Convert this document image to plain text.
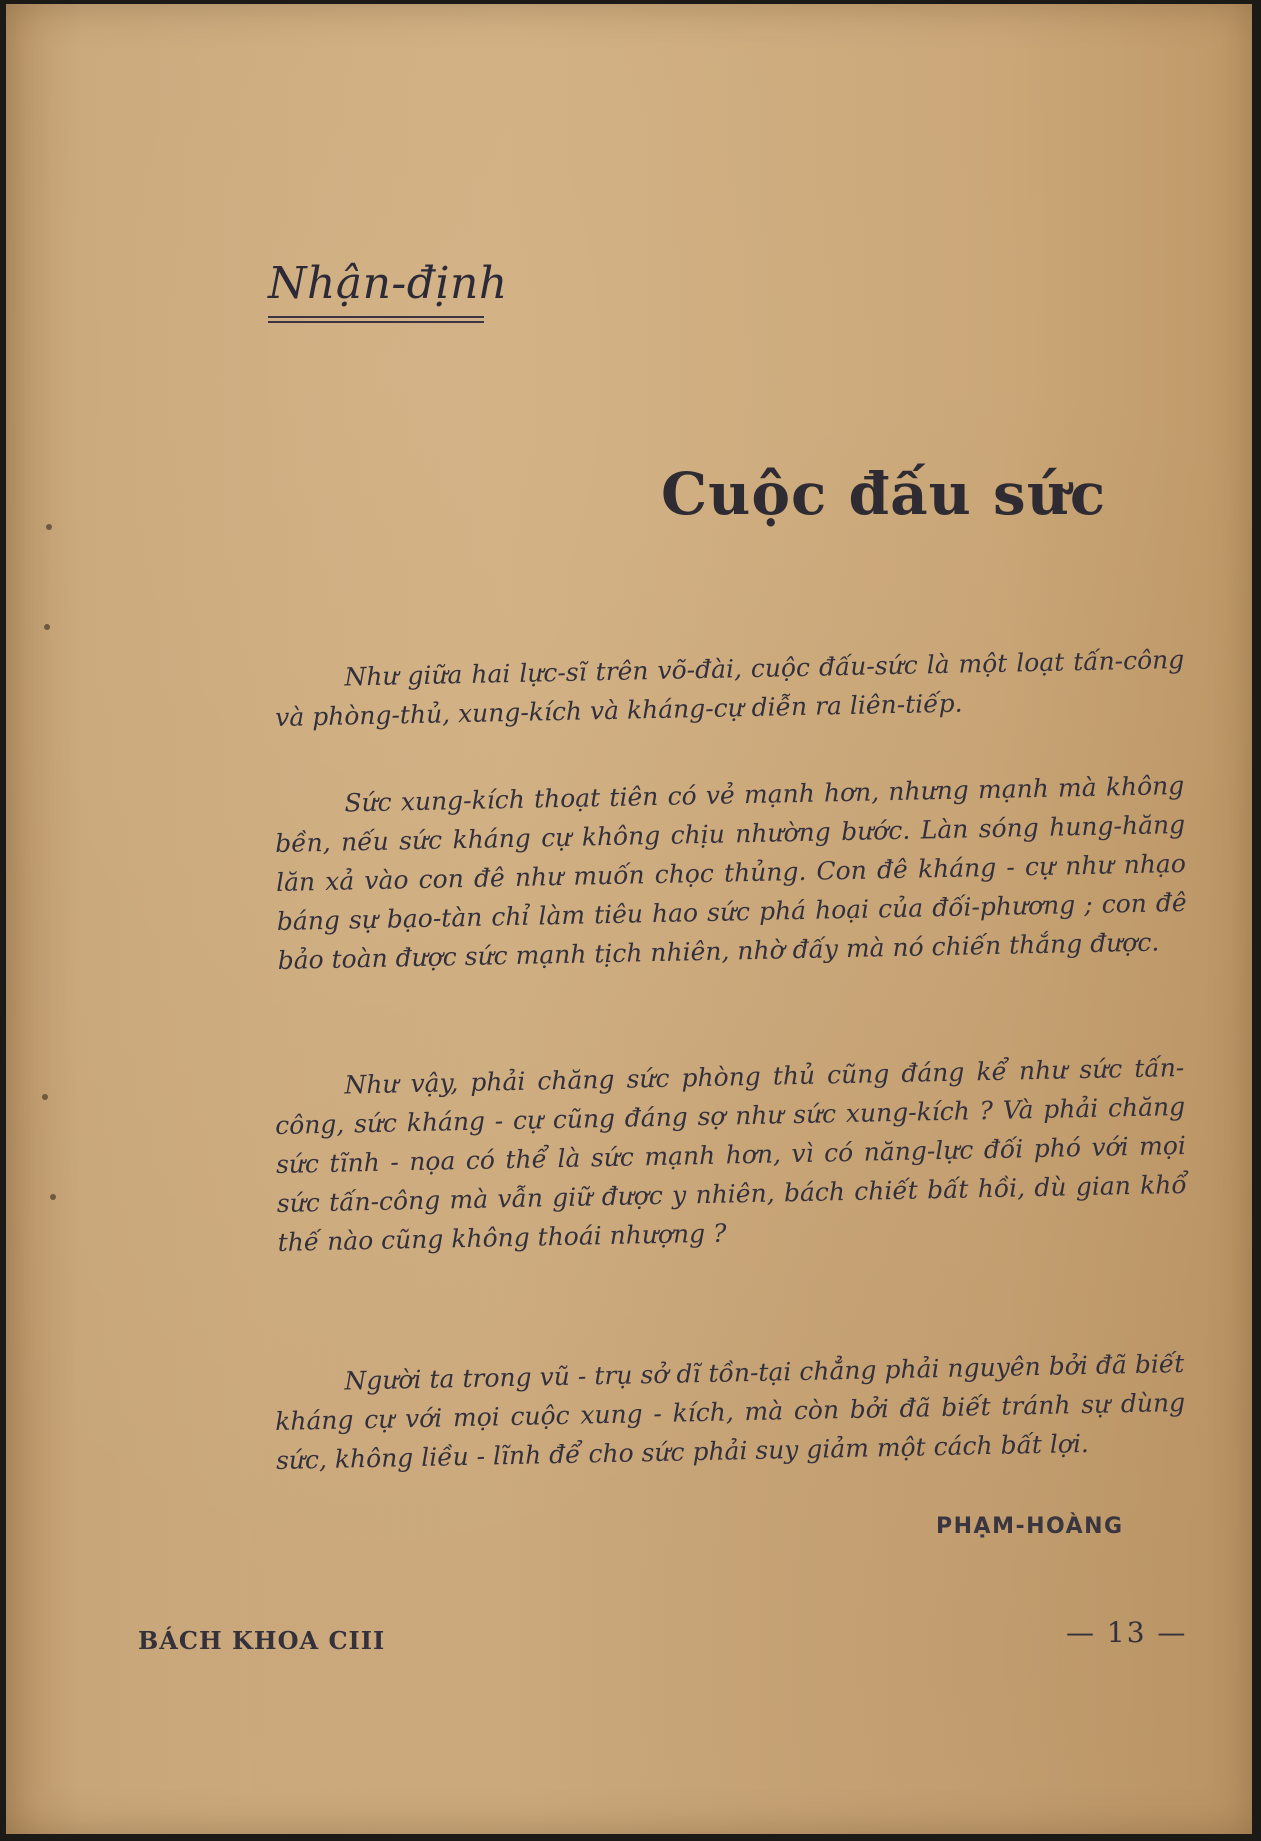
Nhận-định
Cuộc đấu sức

Như giữa hai lực-sĩ trên võ-đài, cuộc đấu-sức là một loạt tấn-công và phòng-thủ, xung-kích và kháng-cự diễn ra liên-tiếp.

Sức xung-kích thoạt tiên có vẻ mạnh hơn, nhưng mạnh mà không bền, nếu sức kháng cự không chịu nhường bước. Làn sóng hung-hăng lăn xả vào con đê như muốn chọc thủng. Con đê kháng - cự như nhạo báng sự bạo-tàn chỉ làm tiêu hao sức phá hoại của đối-phương ; con đê bảo toàn được sức mạnh tịch nhiên, nhờ đấy mà nó chiến thắng được.

Như vậy, phải chăng sức phòng thủ cũng đáng kể như sức tấn-công, sức kháng - cự cũng đáng sợ như sức xung-kích ? Và phải chăng sức tĩnh - nọa có thể là sức mạnh hơn, vì có năng-lực đối phó với mọi sức tấn-công mà vẫn giữ được y nhiên, bách chiết bất hồi, dù gian khổ thế nào cũng không thoái nhượng ?

Người ta trong vũ - trụ sở dĩ tồn-tại chẳng phải nguyên bởi đã biết kháng cự với mọi cuộc xung - kích, mà còn bởi đã biết tránh sự dùng sức, không liều - lĩnh để cho sức phải suy giảm một cách bất lợi.

PHẠM-HOÀNG
BÁCH KHOA CIII	— 13 —
